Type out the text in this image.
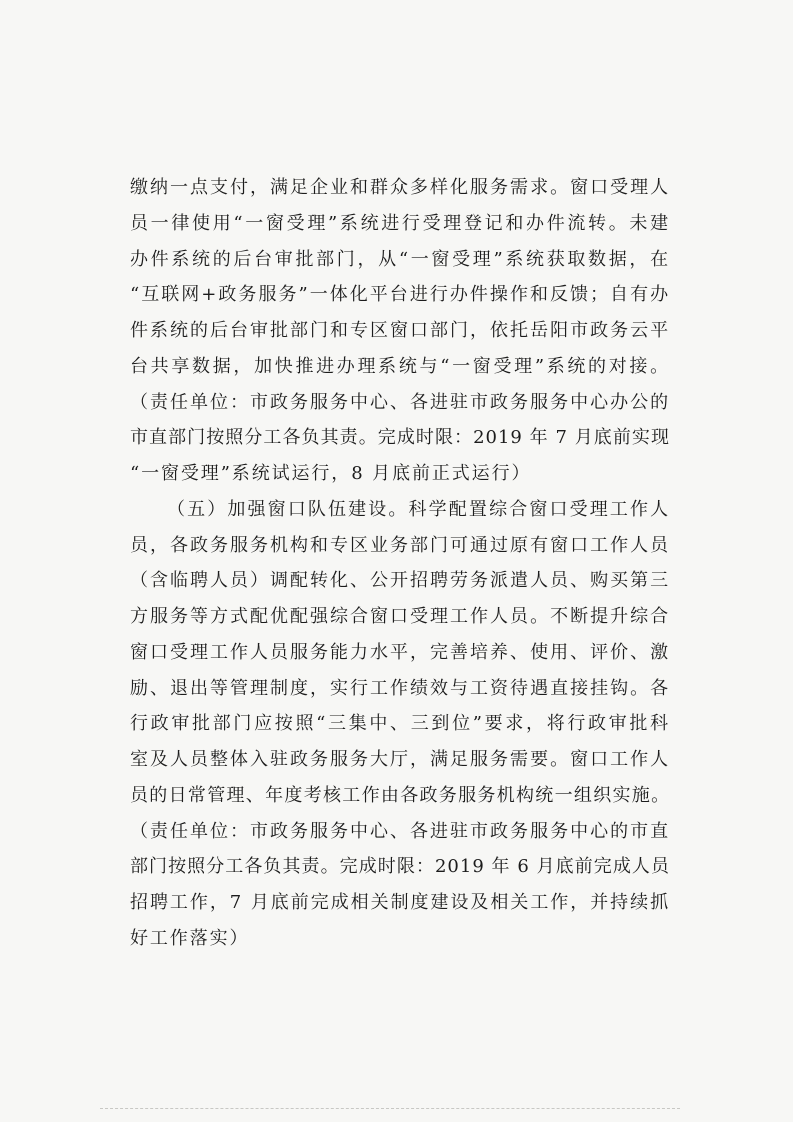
缴纳一点支付，满足企业和群众多样化服务需求。窗口受理人
员一律使用“一窗受理”系统进行受理登记和办件流转。未建
办件系统的后台审批部门，从“一窗受理”系统获取数据，在
“互联网+政务服务”一体化平台进行办件操作和反馈；自有办
件系统的后台审批部门和专区窗口部门，依托岳阳市政务云平
台共享数据，加快推进办理系统与“一窗受理”系统的对接。
（责任单位：市政务服务中心、各进驻市政务服务中心办公的
市直部门按照分工各负其责。完成时限：2019 年 7 月底前实现
“一窗受理”系统试运行，8 月底前正式运行）
（五）加强窗口队伍建设。科学配置综合窗口受理工作人
员，各政务服务机构和专区业务部门可通过原有窗口工作人员
（含临聘人员）调配转化、公开招聘劳务派遣人员、购买第三
方服务等方式配优配强综合窗口受理工作人员。不断提升综合
窗口受理工作人员服务能力水平，完善培养、使用、评价、激
励、退出等管理制度，实行工作绩效与工资待遇直接挂钩。各
行政审批部门应按照“三集中、三到位”要求，将行政审批科
室及人员整体入驻政务服务大厅，满足服务需要。窗口工作人
员的日常管理、年度考核工作由各政务服务机构统一组织实施。
（责任单位：市政务服务中心、各进驻市政务服务中心的市直
部门按照分工各负其责。完成时限：2019 年 6 月底前完成人员
招聘工作，7 月底前完成相关制度建设及相关工作，并持续抓
好工作落实）
